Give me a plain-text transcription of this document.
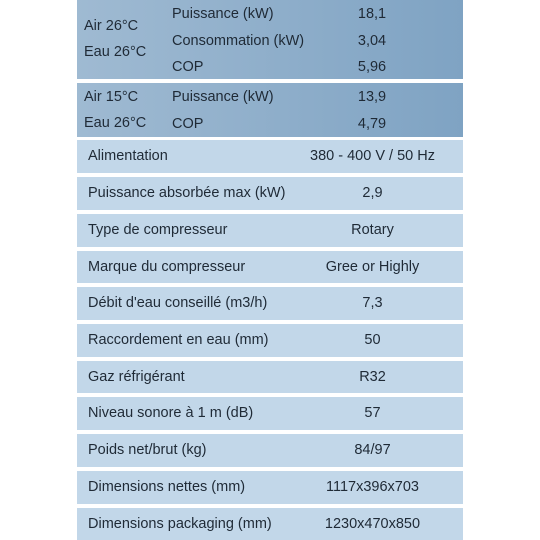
Air 26°C
Eau 26°C
Puissance (kW)	18,1
Consommation (kW)	3,04
COP	5,96
Air 15°C
Eau 26°C
Puissance (kW)	13,9
COP	4,79
Alimentation	380 - 400 V / 50 Hz
Puissance absorbée max (kW)	2,9
Type de compresseur	Rotary
Marque du compresseur	Gree or Highly
Débit d'eau conseillé (m3/h)	7,3
Raccordement en eau (mm)	50
Gaz réfrigérant	R32
Niveau sonore à 1 m (dB)	57
Poids net/brut (kg)	84/97
Dimensions nettes (mm)	1117x396x703
Dimensions packaging (mm)	1230x470x850
